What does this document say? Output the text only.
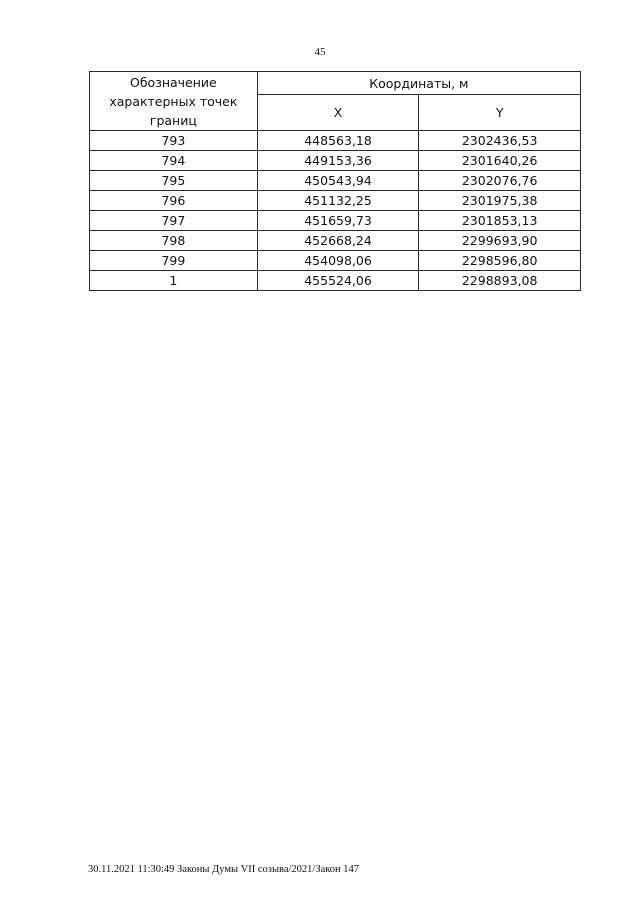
45
Обозначение характерных точек границ	Координаты, м	
	X	Y
793	448563,18	2302436,53
794	449153,36	2301640,26
795	450543,94	2302076,76
796	451132,25	2301975,38
797	451659,73	2301853,13
798	452668,24	2299693,90
799	454098,06	2298596,80
1	455524,06	2298893,08
30.11.2021 11:30:49 Законы Думы VII созыва/2021/Закон 147
